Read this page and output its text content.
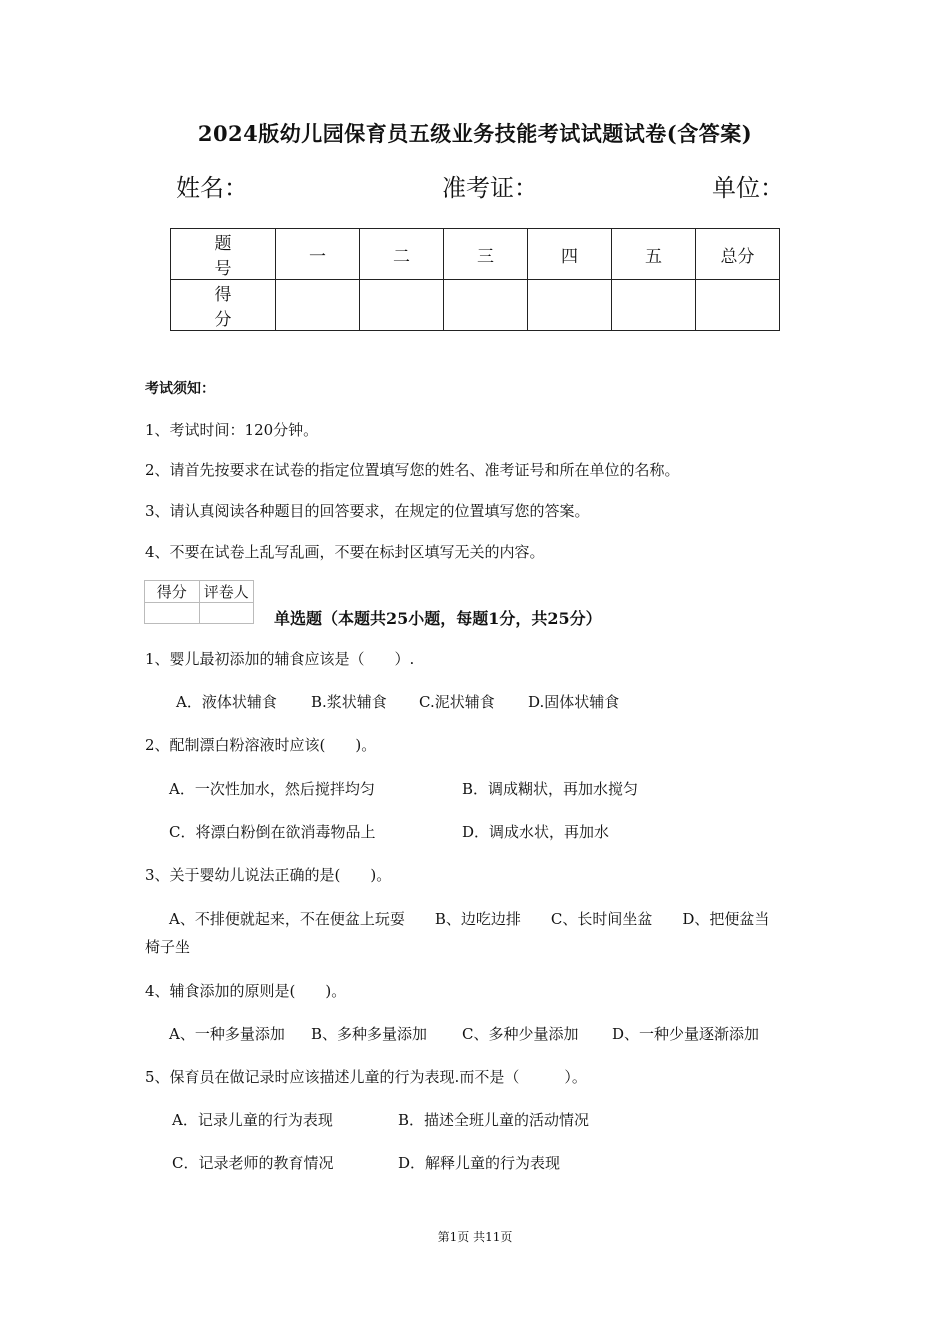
2024版幼儿园保育员五级业务技能考试试题试卷(含答案)
姓名：	准考证：	单位：
题 号	一	二	三	四	五	总分
得 分						
考试须知：
1、考试时间：120分钟。
2、请首先按要求在试卷的指定位置填写您的姓名、准考证号和所在单位的名称。
3、请认真阅读各种题目的回答要求，在规定的位置填写您的答案。
4、不要在试卷上乱写乱画，不要在标封区填写无关的内容。
得分	评卷人

单选题（本题共25小题，每题1分，共25分）
1、婴儿最初添加的辅食应该是（　　）.
A．液体状辅食 B.浆状辅食 C.泥状辅食 D.固体状辅食
2、配制漂白粉溶液时应该(　　)。
A．一次性加水，然后搅拌均匀	B．调成糊状，再加水搅匀
C．将漂白粉倒在欲消毒物品上	D．调成水状，再加水
3、关于婴幼儿说法正确的是(　　)。
A、不排便就起来，不在便盆上玩耍　　B、边吃边排　　C、长时间坐盆　　D、把便盆当
椅子坐
4、辅食添加的原则是(　　)。
A、一种多量添加 B、多种多量添加 C、多种少量添加 D、一种少量逐渐添加
5、保育员在做记录时应该描述儿童的行为表现.而不是（　　　）。
A．记录儿童的行为表现	B．描述全班儿童的活动情况
C．记录老师的教育情况	D．解释儿童的行为表现
第1页 共11页
